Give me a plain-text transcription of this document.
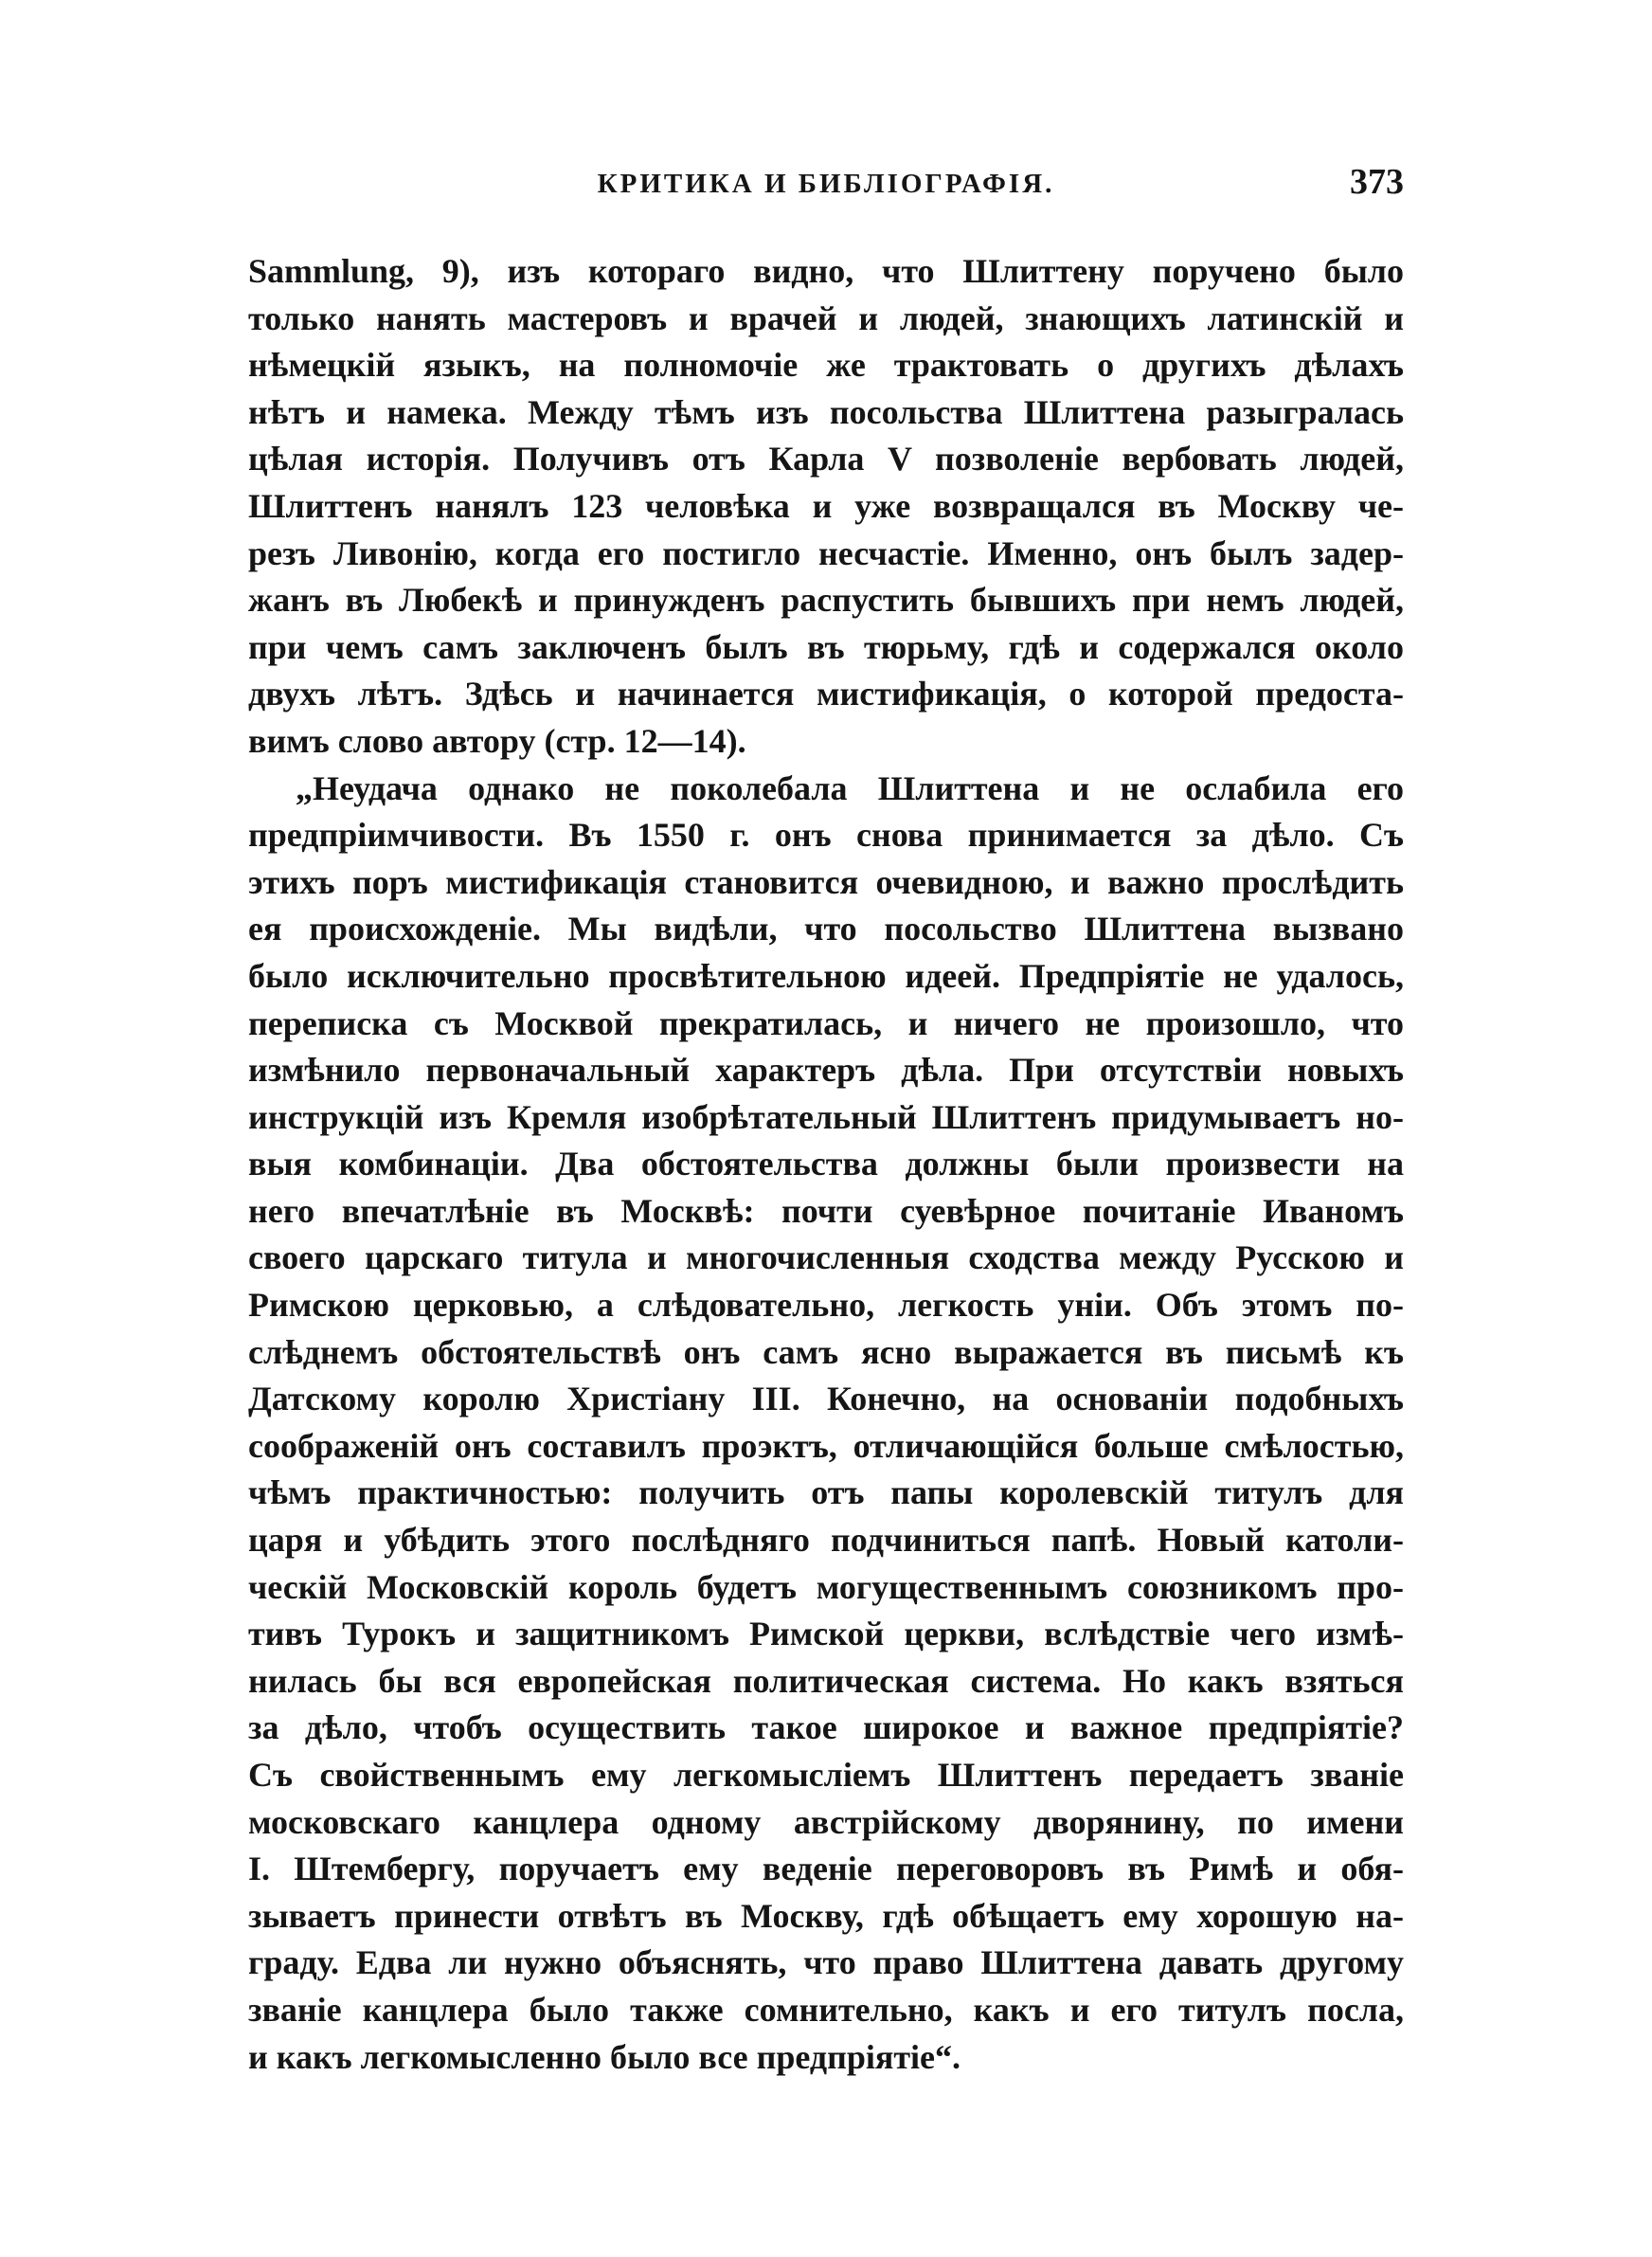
КРИТИКА И БИБЛIОГРАФIЯ.	373
Sammlung, 9), изъ котораго видно, что Шлиттену поручено было
только нанять мастеровъ и врачей и людей, знающихъ латинскiй и
нѣмецкiй языкъ, на полномочiе же трактовать о другихъ дѣлахъ
нѣтъ и намека. Между тѣмъ изъ посольства Шлиттена разыгралась
цѣлая исторiя. Получивъ отъ Карла V позволенiе вербовать людей,
Шлиттенъ нанялъ 123 человѣка и уже возвращался въ Москву че-
резъ Ливонiю, когда его постигло несчастiе. Именно, онъ былъ задер-
жанъ въ Любекѣ и принужденъ распустить бывшихъ при немъ людей,
при чемъ самъ заключенъ былъ въ тюрьму, гдѣ и содержался около
двухъ лѣтъ. Здѣсь и начинается мистификацiя, о которой предоста-
вимъ слово автору (стр. 12—14).
„Неудача однако не поколебала Шлиттена и не ослабила его
предпрiимчивости. Въ 1550 г. онъ снова принимается за дѣло. Съ
этихъ поръ мистификацiя становится очевидною, и важно прослѣдить
ея происхожденiе. Мы видѣли, что посольство Шлиттена вызвано
было исключительно просвѣтительною идеей. Предпрiятiе не удалось,
переписка съ Москвой прекратилась, и ничего не произошло, что
измѣнило первоначальный характеръ дѣла. При отсутствiи новыхъ
инструкцiй изъ Кремля изобрѣтательный Шлиттенъ придумываетъ но-
выя комбинацiи. Два обстоятельства должны были произвести на
него впечатлѣнiе въ Москвѣ: почти суевѣрное почитанiе Иваномъ
своего царскаго титула и многочисленныя сходства между Русскою и
Римскою церковью, а слѣдовательно, легкость унiи. Объ этомъ по-
слѣднемъ обстоятельствѣ онъ самъ ясно выражается въ письмѣ къ
Датскому королю Христiану III. Конечно, на основанiи подобныхъ
соображенiй онъ составилъ проэктъ, отличающiйся больше смѣлостью,
чѣмъ практичностью: получить отъ папы королевскiй титулъ для
царя и убѣдить этого послѣдняго подчиниться папѣ. Новый католи-
ческiй Московскiй король будетъ могущественнымъ союзникомъ про-
тивъ Турокъ и защитникомъ Римской церкви, вслѣдствiе чего измѣ-
нилась бы вся европейская политическая система. Но какъ взяться
за дѣло, чтобъ осуществить такое широкое и важное предпрiятiе?
Съ свойственнымъ ему легкомыслiемъ Шлиттенъ передаетъ званiе
московскаго канцлера одному австрiйскому дворянину, по имени
I. Штембергу, поручаетъ ему веденiе переговоровъ въ Римѣ и обя-
зываетъ принести отвѣтъ въ Москву, гдѣ обѣщаетъ ему хорошую на-
граду. Едва ли нужно объяснять, что право Шлиттена давать другому
званiе канцлера было также сомнительно, какъ и его титулъ посла,
и какъ легкомысленно было все предпрiятiе“.
